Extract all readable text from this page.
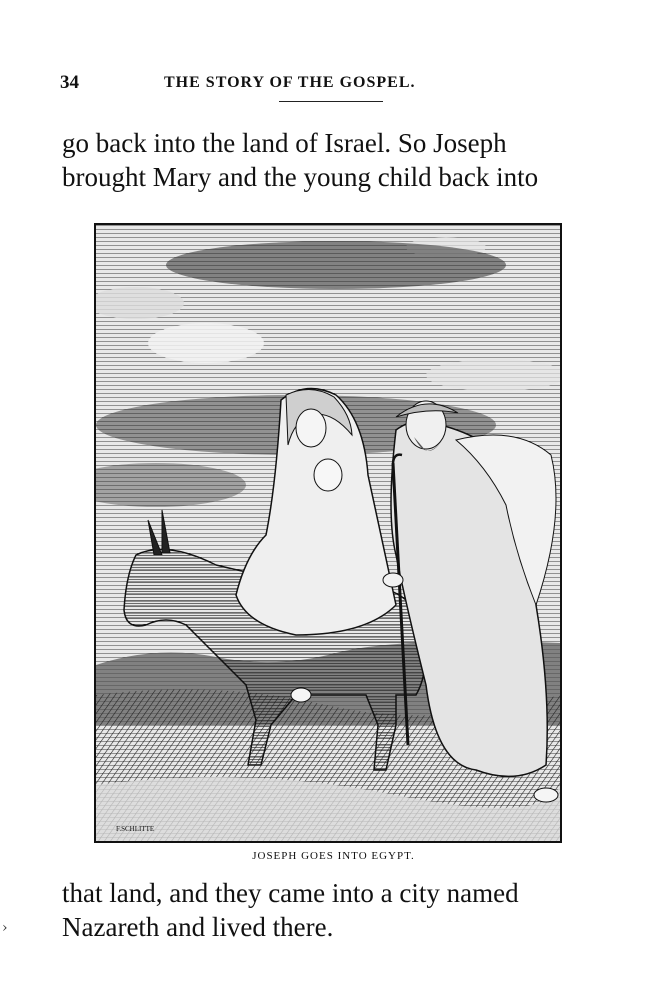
34	THE STORY OF THE GOSPEL.

go back into the land of Israel. So Joseph
brought Mary and the young child back into

F.SCHLITTE
JOSEPH GOES INTO EGYPT.

that land, and they came into a city named
Nazareth and lived there.

›
